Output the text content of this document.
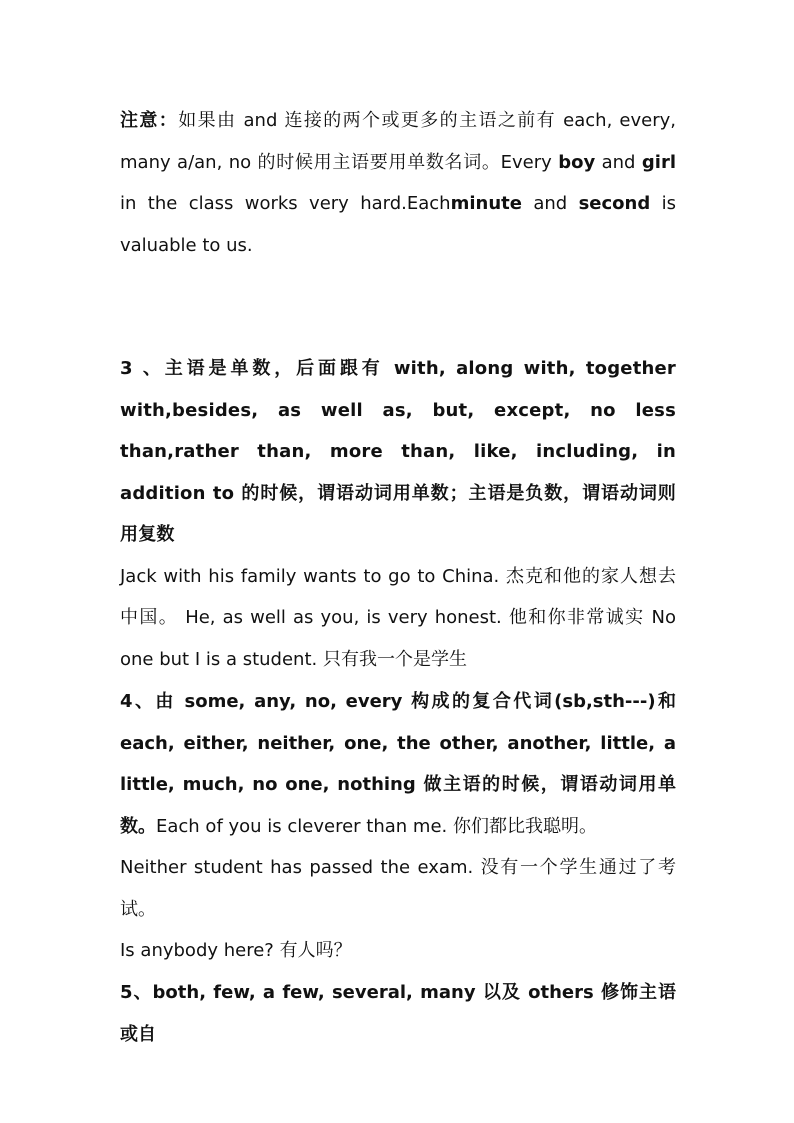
注意：如果由 and 连接的两个或更多的主语之前有 each, every, many a/an, no 的时候用主语要用单数名词。Every boy and girl in the class works very hard.Eachminute and second is valuable to us.

3 、主语是单数，后面跟有 with, along with, together with,besides, as well as, but, except, no less than,rather than, more than, like, including, in addition to 的时候，谓语动词用单数；主语是负数，谓语动词则用复数

Jack with his family wants to go to China. 杰克和他的家人想去中国。 He, as well as you, is very honest. 他和你非常诚实 No one but I is a student. 只有我一个是学生

4、由 some, any, no, every 构成的复合代词(sb,sth---)和 each, either, neither, one, the other, another, little, a little, much, no one, nothing 做主语的时候，谓语动词用单数。Each of you is cleverer than me. 你们都比我聪明。

Neither student has passed the exam. 没有一个学生通过了考试。

Is anybody here? 有人吗？

5、both, few, a few, several, many 以及 others 修饰主语或自
